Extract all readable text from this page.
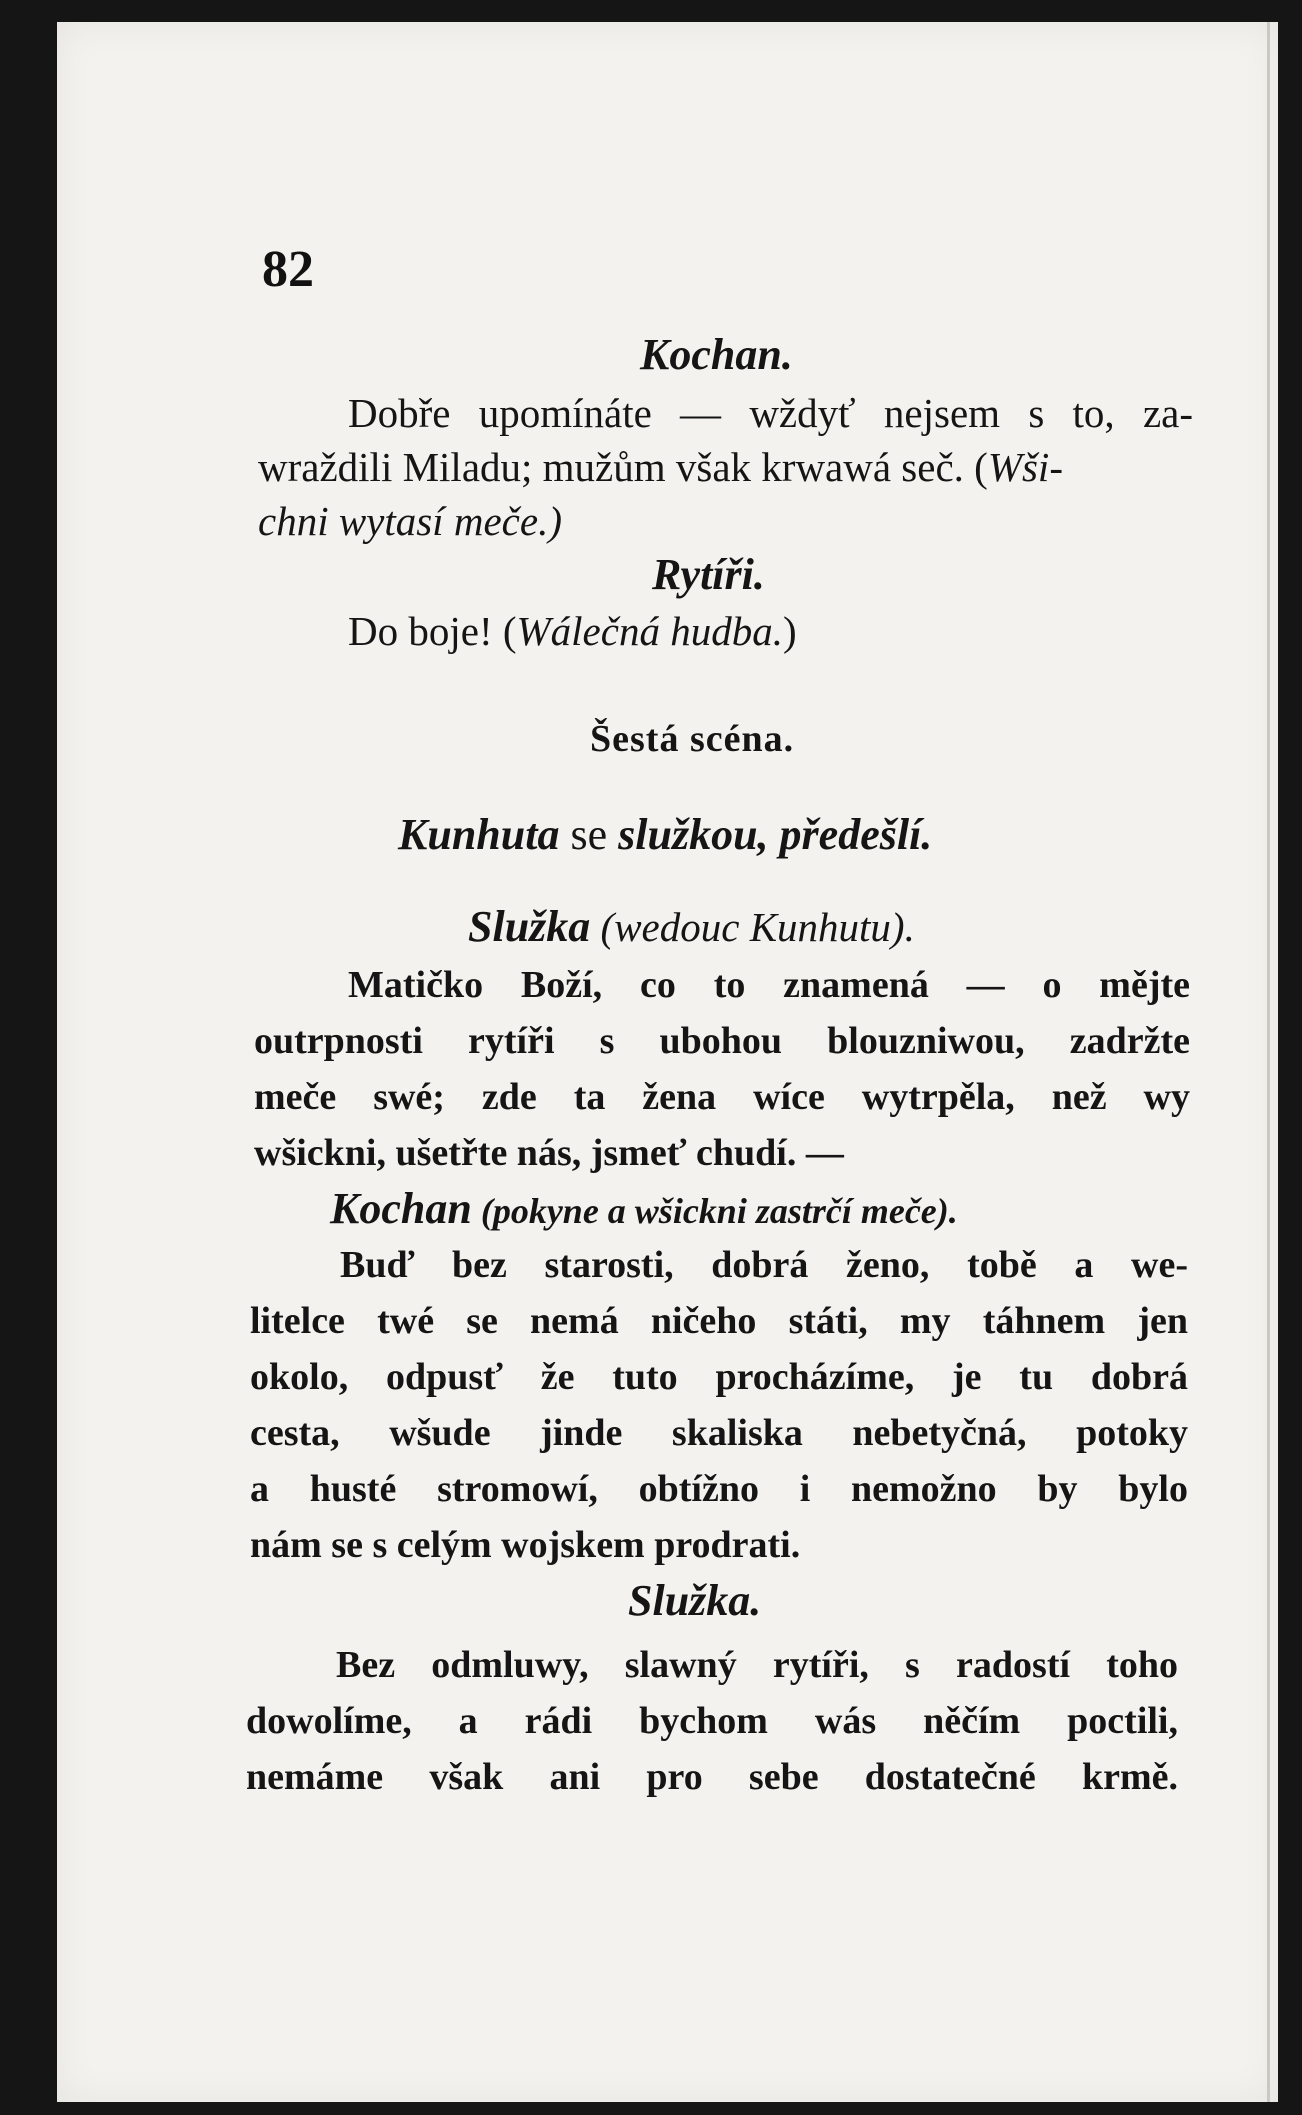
82
Kochan.
Dobře upomínáte — wždyť nejsem s to, za-
wraždili Miladu; mužům však krwawá seč. (Wši-
chni wytasí meče.)
Rytíři.
Do boje! (Wálečná hudba.)
Šestá scéna.
Kunhuta se služkou, předešlí.
Služka (wedouc Kunhutu).
Matičko Boží, co to znamená — o mějte
outrpnosti rytíři s ubohou blouzniwou, zadržte
meče swé; zde ta žena wíce wytrpěla, než wy
wšickni, ušetřte nás, jsmeť chudí. —
Kochan (pokyne a wšickni zastrčí meče).
Buď bez starosti, dobrá ženo, tobě a we-
litelce twé se nemá ničeho státi, my táhnem jen
okolo, odpusť že tuto procházíme, je tu dobrá
cesta, wšude jinde skaliska nebetyčná, potoky
a husté stromowí, obtížno i nemožno by bylo
nám se s celým wojskem prodrati.
Služka.
Bez odmluwy, slawný rytíři, s radostí toho
dowolíme, a rádi bychom wás něčím poctili,
nemáme však ani pro sebe dostatečné krmě.
